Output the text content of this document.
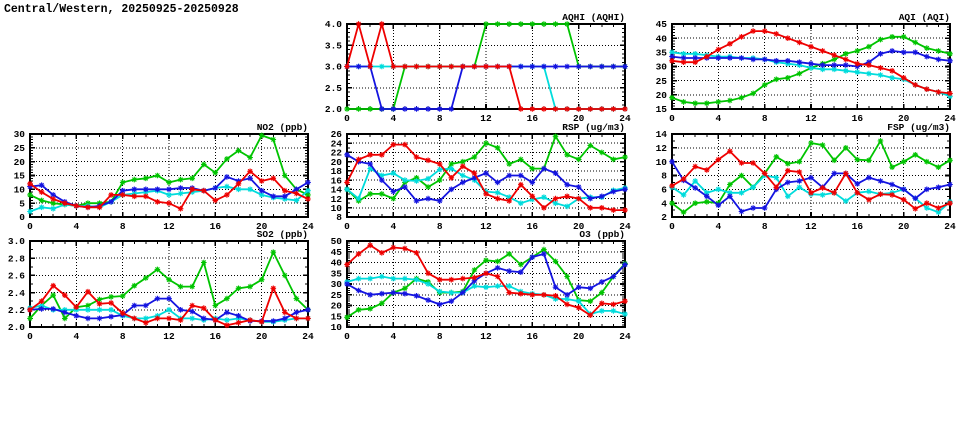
Central/Western, 20250925-20250928
2.0
2.5
3.0
3.5
4.0
0	4	8	12	16	20	24
AQHI (AQHI)
15
20
25
30
35
40
45
0	4	8	12	16	20	24
AQI (AQI)
0
5
10
15
20
25
30
0	4	8	12	16	20	24
NO2 (ppb)
8
10
12
14
16
18
20
22
24
26
0	4	8	12	16	20	24
RSP (ug/m3)
2
4
6
8
10
12
14
0	4	8	12	16	20	24
FSP (ug/m3)
2.0
2.2
2.4
2.6
2.8
3.0
0	4	8	12	16	20	24
SO2 (ppb)
10
15
20
25
30
35
40
45
50
0	4	8	12	16	20	24
O3 (ppb)
